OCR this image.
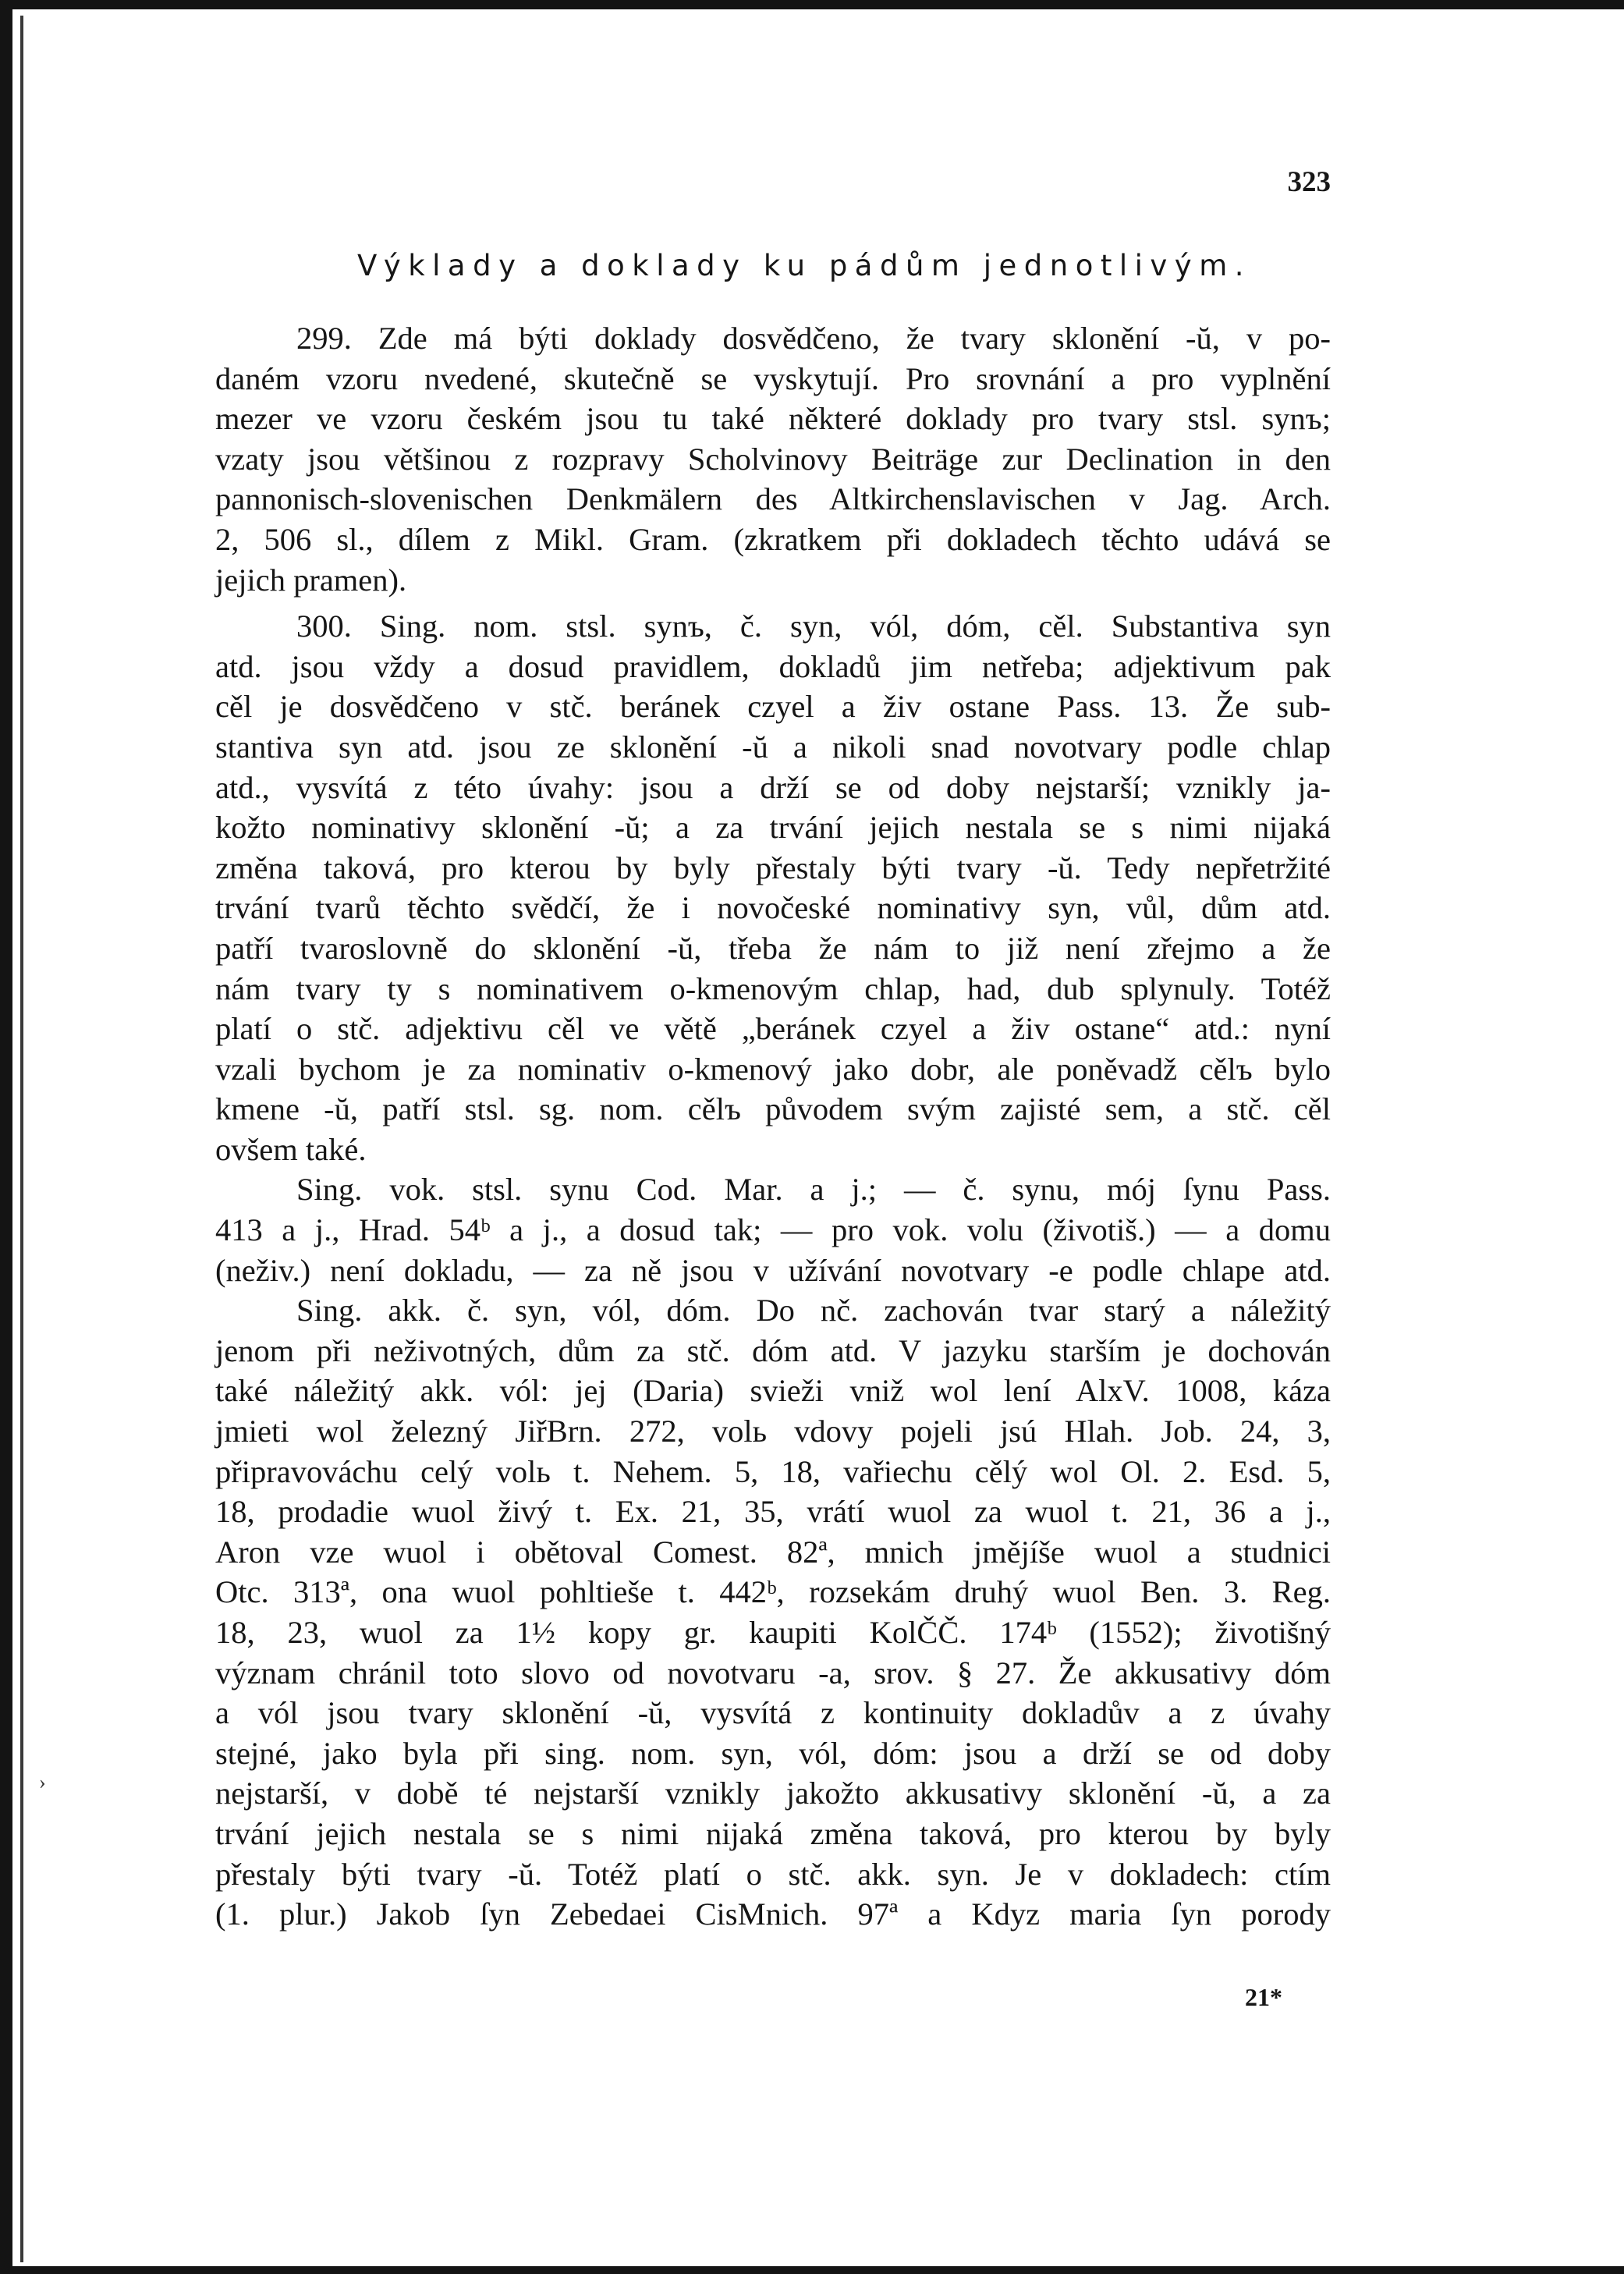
›
323
Výklady a doklady ku pádům jednotlivým.
299. Zde má býti doklady dosvědčeno, že tvary sklonění -ŭ, v po-
daném vzoru nvedené, skutečně se vyskytují. Pro srovnání a pro vyplnění
mezer ve vzoru českém jsou tu také některé doklady pro tvary stsl. synъ;
vzaty jsou většinou z rozpravy Scholvinovy Beiträge zur Declination in den
pannonisch-slovenischen Denkmälern des Altkirchenslavischen v Jag. Arch.
2, 506 sl., dílem z Mikl. Gram. (zkratkem při dokladech těchto udává se
jejich pramen).
300. Sing. nom. stsl. synъ, č. syn, vól, dóm, cěl. Substantiva syn
atd. jsou vždy a dosud pravidlem, dokladů jim netřeba; adjektivum pak
cěl je dosvědčeno v stč. beránek czyel a živ ostane Pass. 13. Že sub-
stantiva syn atd. jsou ze sklonění -ŭ a nikoli snad novotvary podle chlap
atd., vysvítá z této úvahy: jsou a drží se od doby nejstarší; vznikly ja-
kožto nominativy sklonění -ŭ; a za trvání jejich nestala se s nimi nijaká
změna taková, pro kterou by byly přestaly býti tvary -ŭ. Tedy nepřetržité
trvání tvarů těchto svědčí, že i novočeské nominativy syn, vůl, dům atd.
patří tvaroslovně do sklonění -ŭ, třeba že nám to již není zřejmo a že
nám tvary ty s nominativem o-kmenovým chlap, had, dub splynuly. Totéž
platí o stč. adjektivu cěl ve větě „beránek czyel a živ ostane“ atd.: nyní
vzali bychom je za nominativ o-kmenový jako dobr, ale poněvadž cělъ bylo
kmene -ŭ, patří stsl. sg. nom. cělъ původem svým zajisté sem, a stč. cěl
ovšem také.
Sing. vok. stsl. synu Cod. Mar. a j.; — č. synu, mój ſynu Pass.
413 a j., Hrad. 54ᵇ a j., a dosud tak; — pro vok. volu (životiš.) — a domu
(neživ.) není dokladu, — za ně jsou v užívání novotvary -e podle chlape atd.
Sing. akk. č. syn, vól, dóm. Do nč. zachován tvar starý a náležitý
jenom při neživotných, dům za stč. dóm atd. V jazyku starším je dochován
také náležitý akk. vól: jej (Daria) svieži vniž wol lení AlxV. 1008, káza
jmieti wol železný JiřBrn. 272, volь vdovy pojeli jsú Hlah. Job. 24, 3,
připravováchu celý volь t. Nehem. 5, 18, vařiechu cělý wol Ol. 2. Esd. 5,
18, prodadie wuol živý t. Ex. 21, 35, vrátí wuol za wuol t. 21, 36 a j.,
Aron vze wuol i obětoval Comest. 82ª, mnich jmějíše wuol a studnici
Otc. 313ª, ona wuol pohltieše t. 442ᵇ, rozsekám druhý wuol Ben. 3. Reg.
18, 23, wuol za 1½ kopy gr. kaupiti KolČČ. 174ᵇ (1552); životišný
význam chránil toto slovo od novotvaru -a, srov. § 27. Že akkusativy dóm
a vól jsou tvary sklonění -ŭ, vysvítá z kontinuity dokladův a z úvahy
stejné, jako byla při sing. nom. syn, vól, dóm: jsou a drží se od doby
nejstarší, v době té nejstarší vznikly jakožto akkusativy sklonění -ŭ, a za
trvání jejich nestala se s nimi nijaká změna taková, pro kterou by byly
přestaly býti tvary -ŭ. Totéž platí o stč. akk. syn. Je v dokladech: ctím
(1. plur.) Jakob ſyn Zebedaei CisMnich. 97ª a Kdyz maria ſyn porody
21*
